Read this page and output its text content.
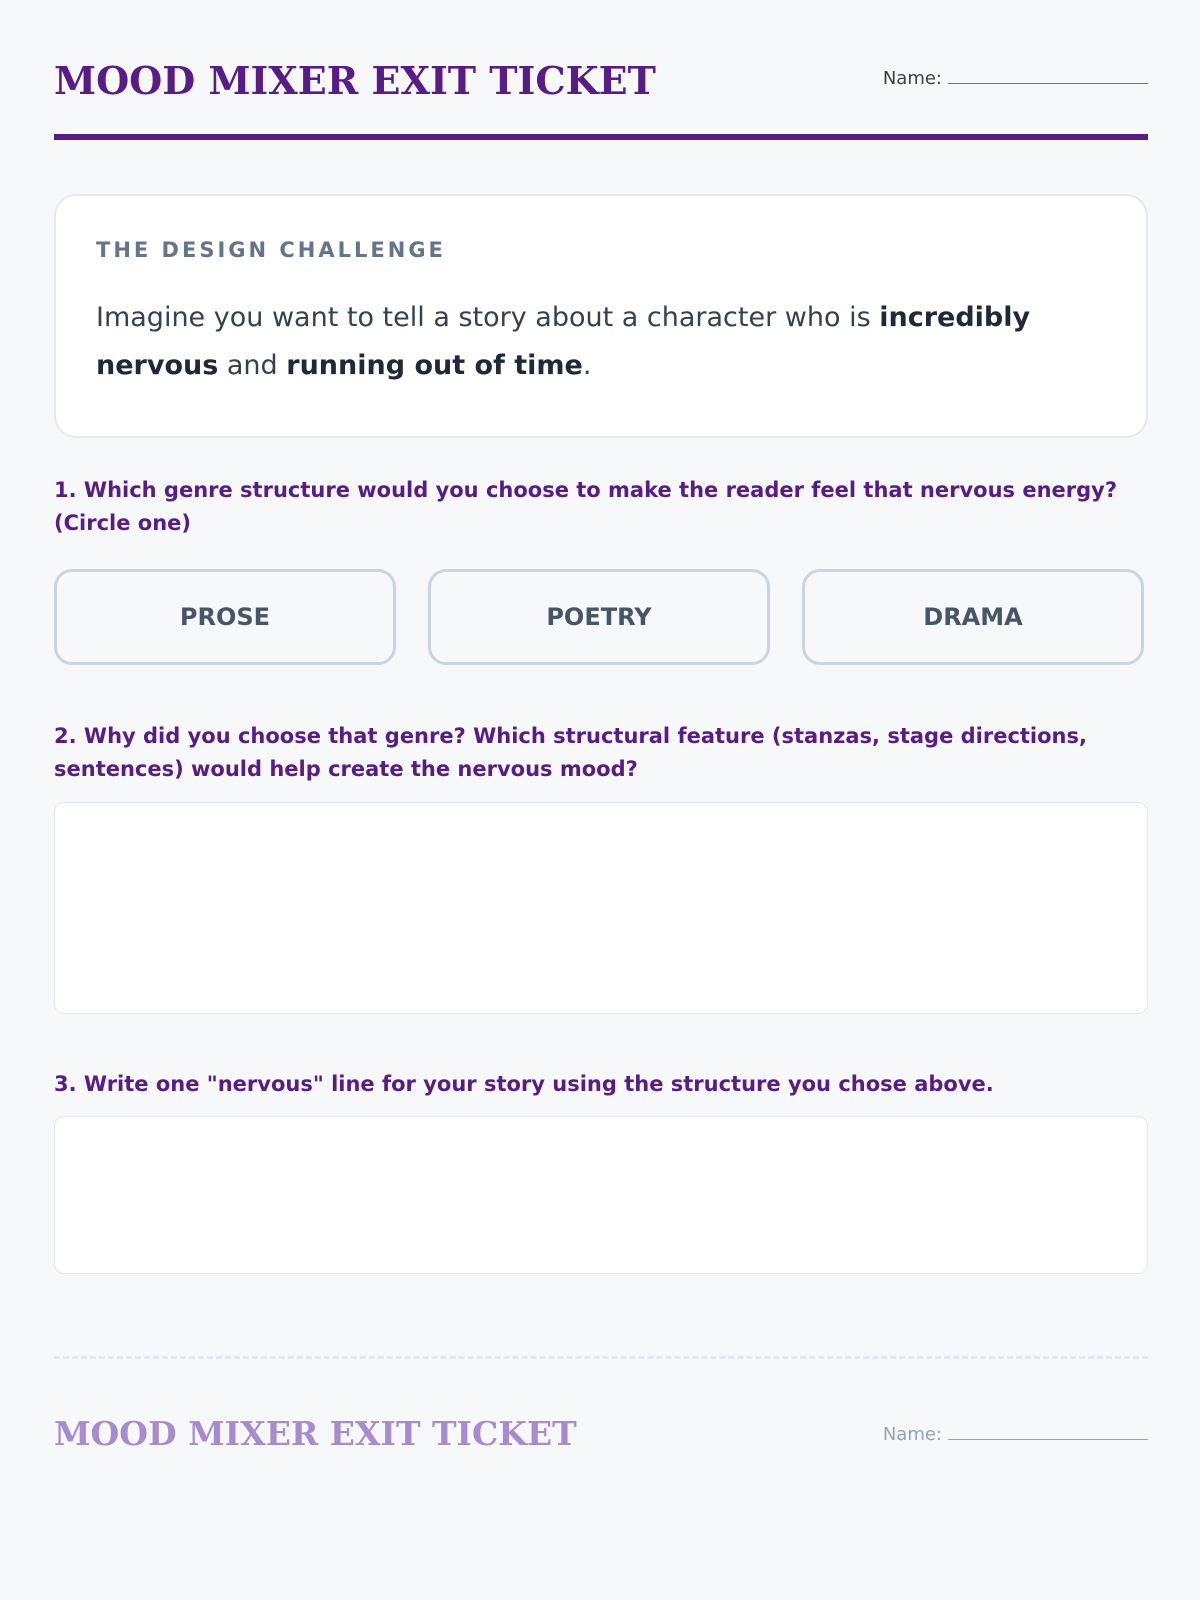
MOOD MIXER EXIT TICKET	Name:
THE DESIGN CHALLENGE
Imagine you want to tell a story about a character who is incredibly nervous and running out of time.
1. Which genre structure would you choose to make the reader feel that nervous energy? (Circle one)
PROSE	POETRY	DRAMA
2. Why did you choose that genre? Which structural feature (stanzas, stage directions, sentences) would help create the nervous mood?
3. Write one "nervous" line for your story using the structure you chose above.
MOOD MIXER EXIT TICKET	Name:
